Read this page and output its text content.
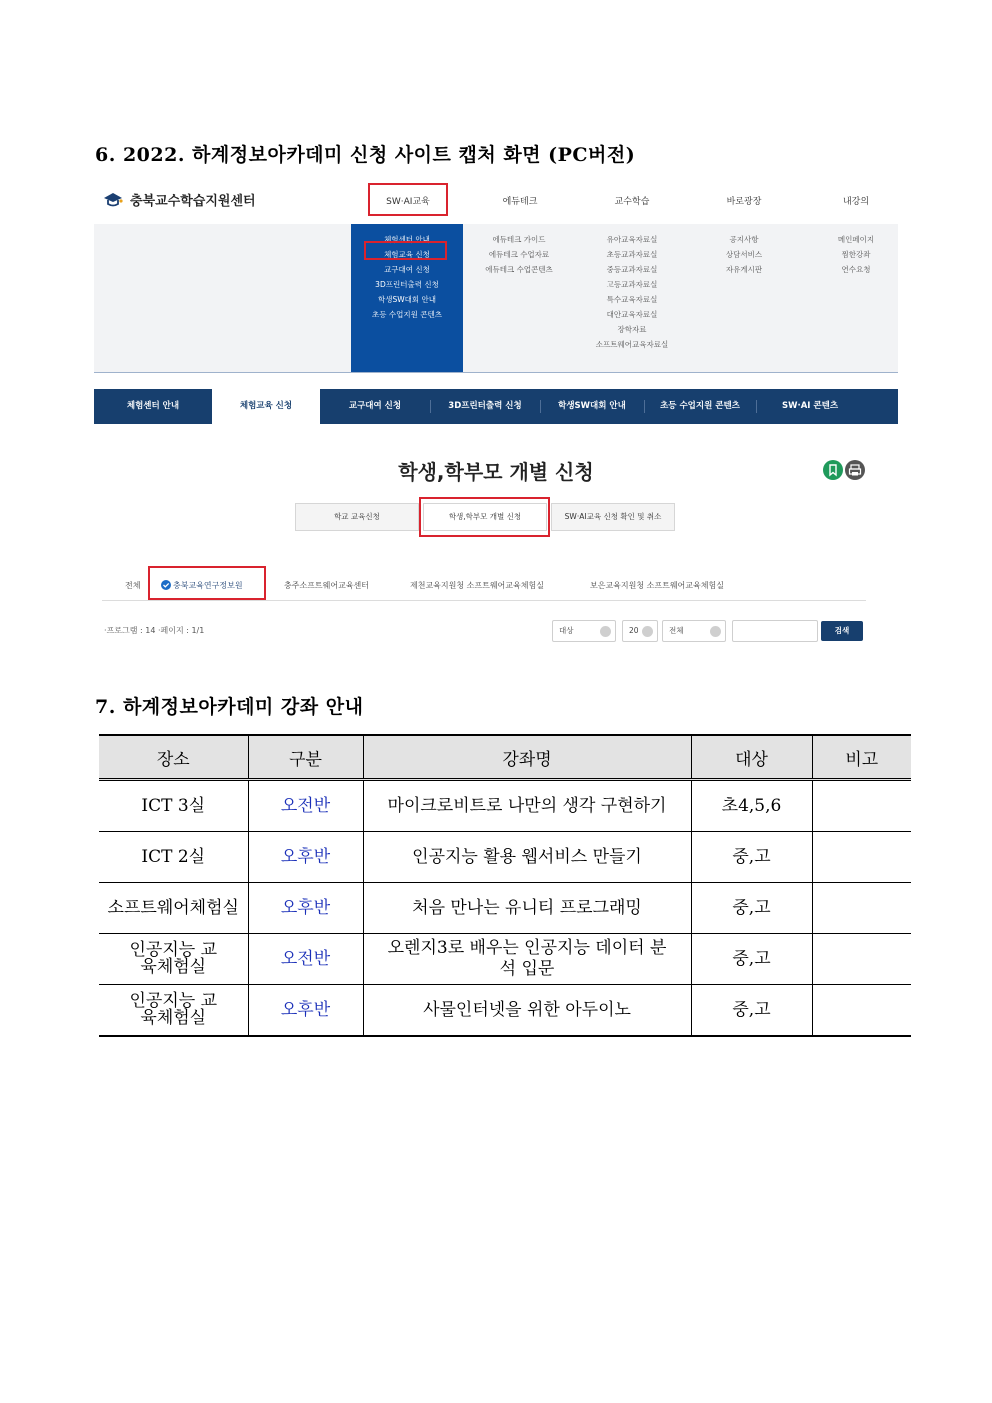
6. 2022. 하계정보아카데미 신청 사이트 캡처 화면 (PC버전)
충북교수학습지원센터	SW·AI교육	에듀테크	교수학습	바로광장	내강의
체험센터 안내
체험교육 신청
교구대여 신청
3D프린터출력 신청
학생SW대회 안내
초등 수업지원 콘텐츠
에듀테크 가이드
에듀테크 수업자료
에듀테크 수업콘텐츠
유아교육자료실
초등교과자료실
중등교과자료실
고등교과자료실
특수교육자료실
대안교육자료실
장학자료
소프트웨어교육자료실
공지사항
상담서비스
자유게시판
메인페이지
찜한강좌
연수요청
체험센터 안내	체험교육 신청	교구대여 신청	3D프린터출력 신청	학생SW대회 안내	초등 수업지원 콘텐츠	SW·AI 콘텐츠
학생,학부모 개별 신청
학교 교육신청	학생,학부모 개별 신청	SW·AI교육 신청 확인 및 취소
전체	충북교육연구정보원	충주소프트웨어교육센터	제천교육지원청 소프트웨어교육체험실	보은교육지원청 소프트웨어교육체험실
·프로그램 : 14 ·페이지 : 1/1	대상	20	전체	검색
7. 하계정보아카데미 강좌 안내
장소	구분	강좌명	대상	비고
ICT 3실	오전반	마이크로비트로 나만의 생각 구현하기	초4,5,6	
ICT 2실	오후반	인공지능 활용 웹서비스 만들기	중,고	
소프트웨어체험실	오후반	처음 만나는 유니티 프로그래밍	중,고	
인공지능 교육체험실	오전반	오렌지3로 배우는 인공지능 데이터 분석 입문	중,고	
인공지능 교육체험실	오후반	사물인터넷을 위한 아두이노	중,고	
